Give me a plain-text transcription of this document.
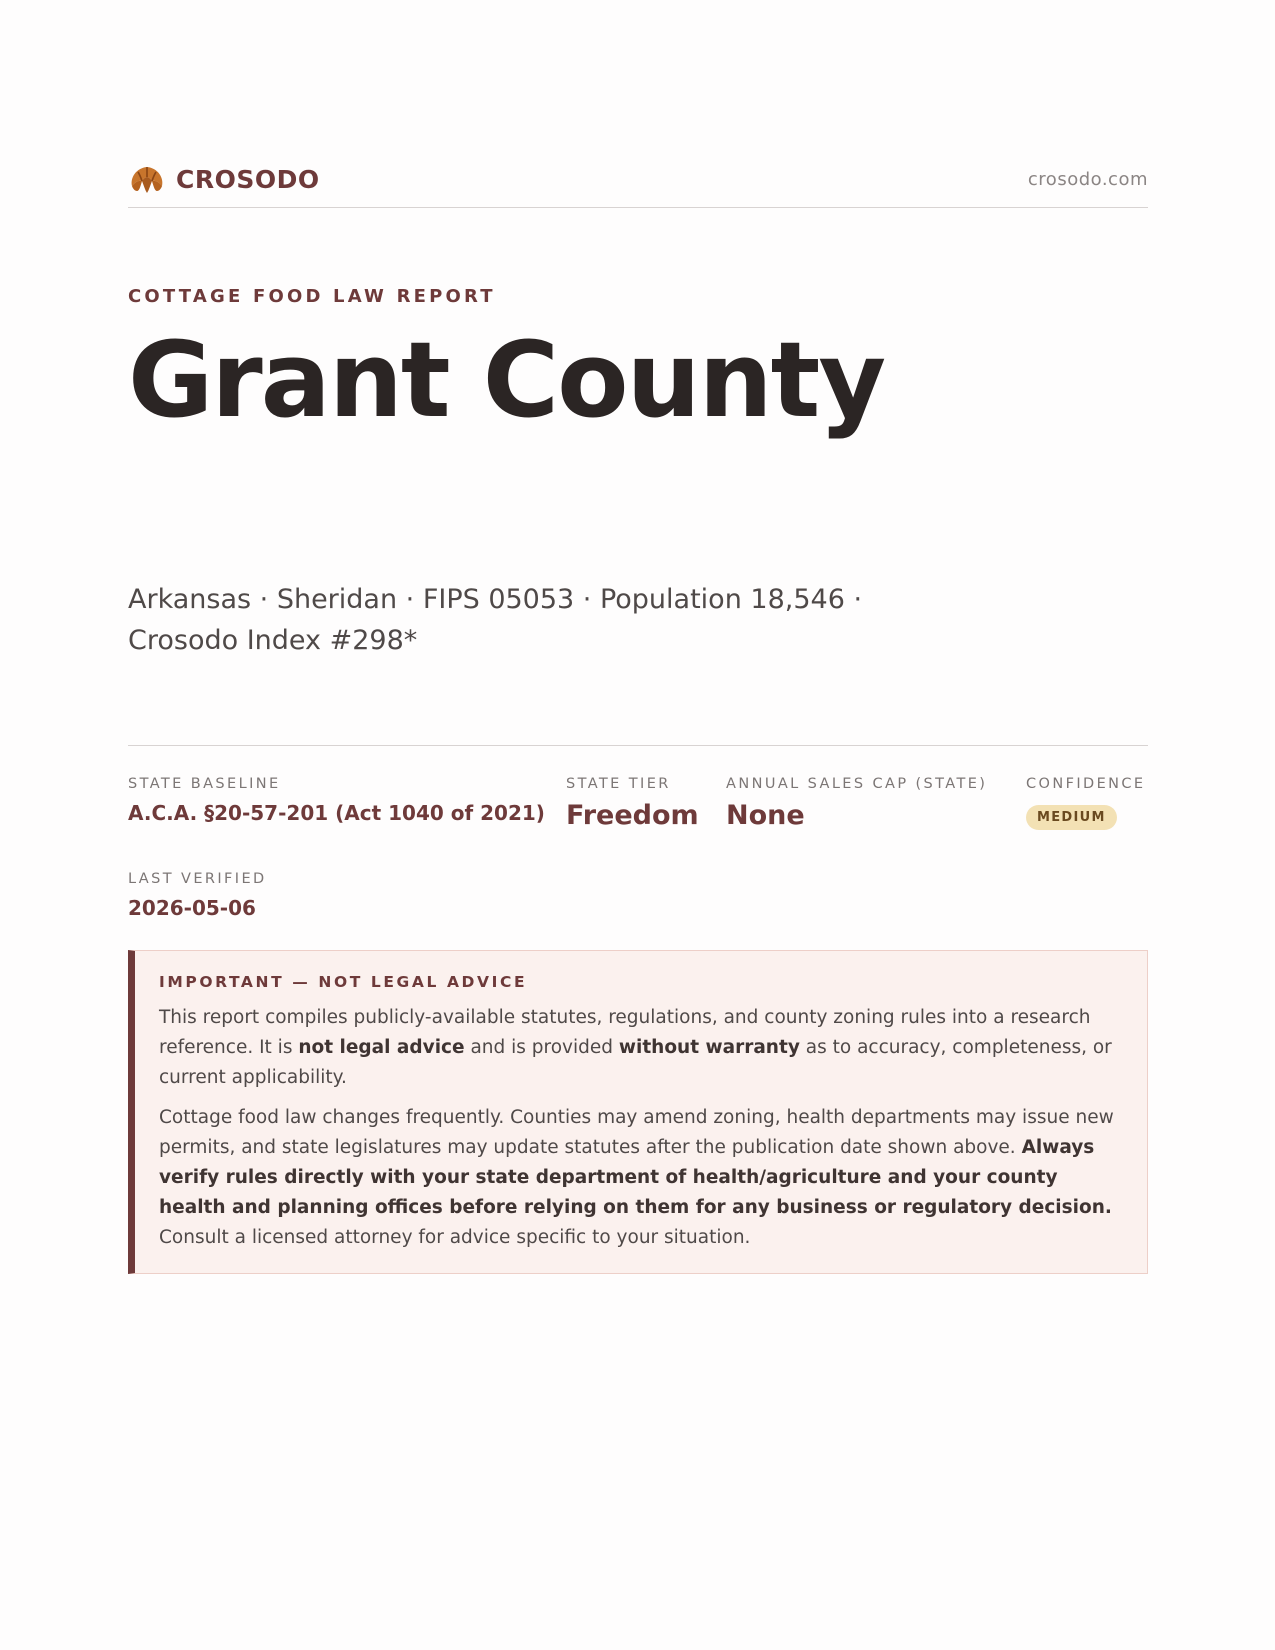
CROSODO	crosodo.com
COTTAGE FOOD LAW REPORT
Grant County
Arkansas · Sheridan · FIPS 05053 · Population 18,546 · Crosodo Index #298*
STATE BASELINE
A.C.A. §20-57-201 (Act 1040 of 2021)
STATE TIER
Freedom
ANNUAL SALES CAP (STATE)
None
CONFIDENCE
MEDIUM
LAST VERIFIED
2026-05-06
IMPORTANT — NOT LEGAL ADVICE

This report compiles publicly-available statutes, regulations, and county zoning rules into a research reference. It is not legal advice and is provided without warranty as to accuracy, completeness, or current applicability.

Cottage food law changes frequently. Counties may amend zoning, health departments may issue new permits, and state legislatures may update statutes after the publication date shown above. Always verify rules directly with your state department of health/agriculture and your county health and planning offices before relying on them for any business or regulatory decision. Consult a licensed attorney for advice specific to your situation.
